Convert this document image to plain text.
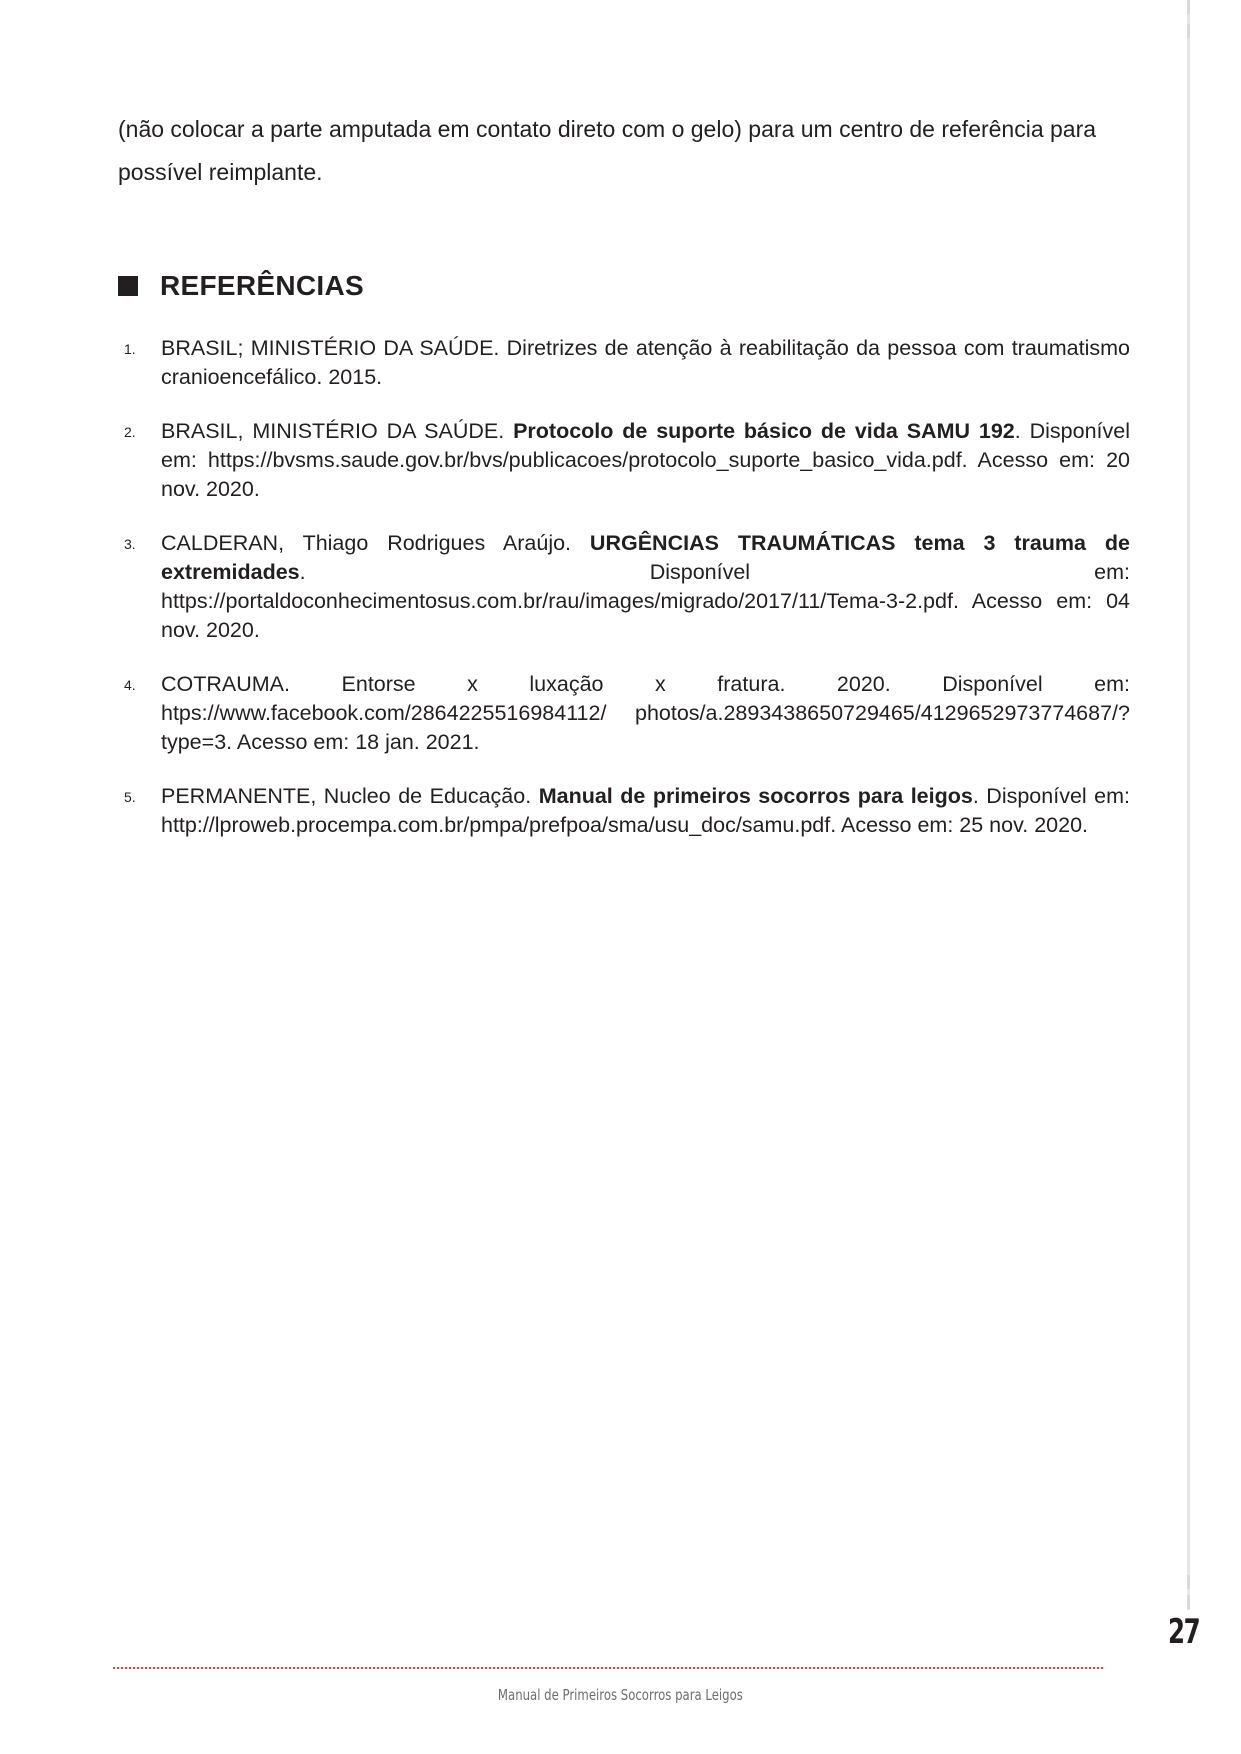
(não colocar a parte amputada em contato direto com o gelo) para um centro de referência para possível reimplante.

REFERÊNCIAS
1. BRASIL; MINISTÉRIO DA SAÚDE. Diretrizes de atenção à reabilitação da pessoa com traumatismo cranioencefálico. 2015.
2. BRASIL, MINISTÉRIO DA SAÚDE. Protocolo de suporte básico de vida SAMU 192. Disponível em: https://bvsms.saude.gov.br/bvs/publicacoes/protocolo_suporte_basico_vida.pdf. Acesso em: 20 nov. 2020.
3. CALDERAN, Thiago Rodrigues Araújo. URGÊNCIAS TRAUMÁTICAS tema 3 trauma de extremidades. Disponível em: https://portaldoconhecimentosus.com.br/rau/images/migrado/2017/11/Tema-3-2.pdf. Acesso em: 04 nov. 2020.
4. COTRAUMA. Entorse x luxação x fratura. 2020. Disponível em: htps://www.facebook.com/2864225516984112/ photos/a.2893438650729465/4129652973774687/?type=3. Acesso em: 18 jan. 2021.
5. PERMANENTE, Nucleo de Educação. Manual de primeiros socorros para leigos. Disponível em: http://lproweb.procempa.com.br/pmpa/prefpoa/sma/usu_doc/samu.pdf. Acesso em: 25 nov. 2020.
27
Manual de Primeiros Socorros para Leigos
